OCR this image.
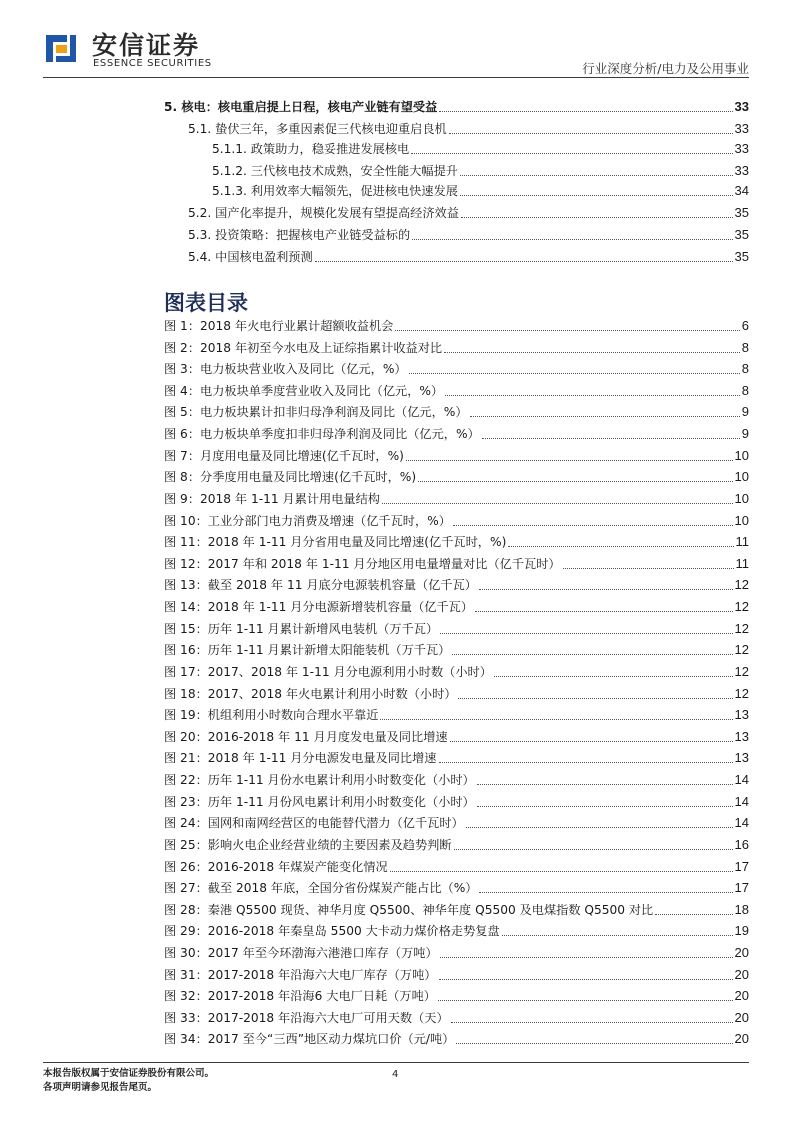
安信证券
ESSENCE SECURITIES	行业深度分析/电力及公用事业
5. 核电：核电重启提上日程，核电产业链有望受益	33
5.1. 蛰伏三年，多重因素促三代核电迎重启良机	33
5.1.1. 政策助力，稳妥推进发展核电	33
5.1.2. 三代核电技术成熟，安全性能大幅提升	33
5.1.3. 利用效率大幅领先，促进核电快速发展	34
5.2. 国产化率提升，规模化发展有望提高经济效益	35
5.3. 投资策略：把握核电产业链受益标的	35
5.4. 中国核电盈利预测	35
图表目录
图 1：2018 年火电行业累计超额收益机会	6
图 2：2018 年初至今水电及上证综指累计收益对比	8
图 3：电力板块营业收入及同比（亿元，%）	8
图 4：电力板块单季度营业收入及同比（亿元，%）	8
图 5：电力板块累计扣非归母净利润及同比（亿元，%）	9
图 6：电力板块单季度扣非归母净利润及同比（亿元，%）	9
图 7：月度用电量及同比增速(亿千瓦时，%)	10
图 8：分季度用电量及同比增速(亿千瓦时，%)	10
图 9：2018 年 1-11 月累计用电量结构	10
图 10：工业分部门电力消费及增速（亿千瓦时，%）	10
图 11：2018 年 1-11 月分省用电量及同比增速(亿千瓦时，%)	11
图 12：2017 年和 2018 年 1-11 月分地区用电量增量对比（亿千瓦时）	11
图 13：截至 2018 年 11 月底分电源装机容量（亿千瓦）	12
图 14：2018 年 1-11 月分电源新增装机容量（亿千瓦）	12
图 15：历年 1-11 月累计新增风电装机（万千瓦）	12
图 16：历年 1-11 月累计新增太阳能装机（万千瓦）	12
图 17：2017、2018 年 1-11 月分电源利用小时数（小时）	12
图 18：2017、2018 年火电累计利用小时数（小时）	12
图 19：机组利用小时数向合理水平靠近	13
图 20：2016-2018 年 11 月月度发电量及同比增速	13
图 21：2018 年 1-11 月分电源发电量及同比增速	13
图 22：历年 1-11 月份水电累计利用小时数变化（小时）	14
图 23：历年 1-11 月份风电累计利用小时数变化（小时）	14
图 24：国网和南网经营区的电能替代潜力（亿千瓦时）	14
图 25：影响火电企业经营业绩的主要因素及趋势判断	16
图 26：2016-2018 年煤炭产能变化情况	17
图 27：截至 2018 年底，全国分省份煤炭产能占比（%）	17
图 28：秦港 Q5500 现货、神华月度 Q5500、神华年度 Q5500 及电煤指数 Q5500 对比	18
图 29：2016-2018 年秦皇岛 5500 大卡动力煤价格走势复盘	19
图 30：2017 年至今环渤海六港港口库存（万吨）	20
图 31：2017-2018 年沿海六大电厂库存（万吨）	20
图 32：2017-2018 年沿海6 大电厂日耗（万吨）	20
图 33：2017-2018 年沿海六大电厂可用天数（天）	20
图 34：2017 至今“三西”地区动力煤坑口价（元/吨）	20
本报告版权属于安信证券股份有限公司。
各项声明请参见报告尾页。
4
